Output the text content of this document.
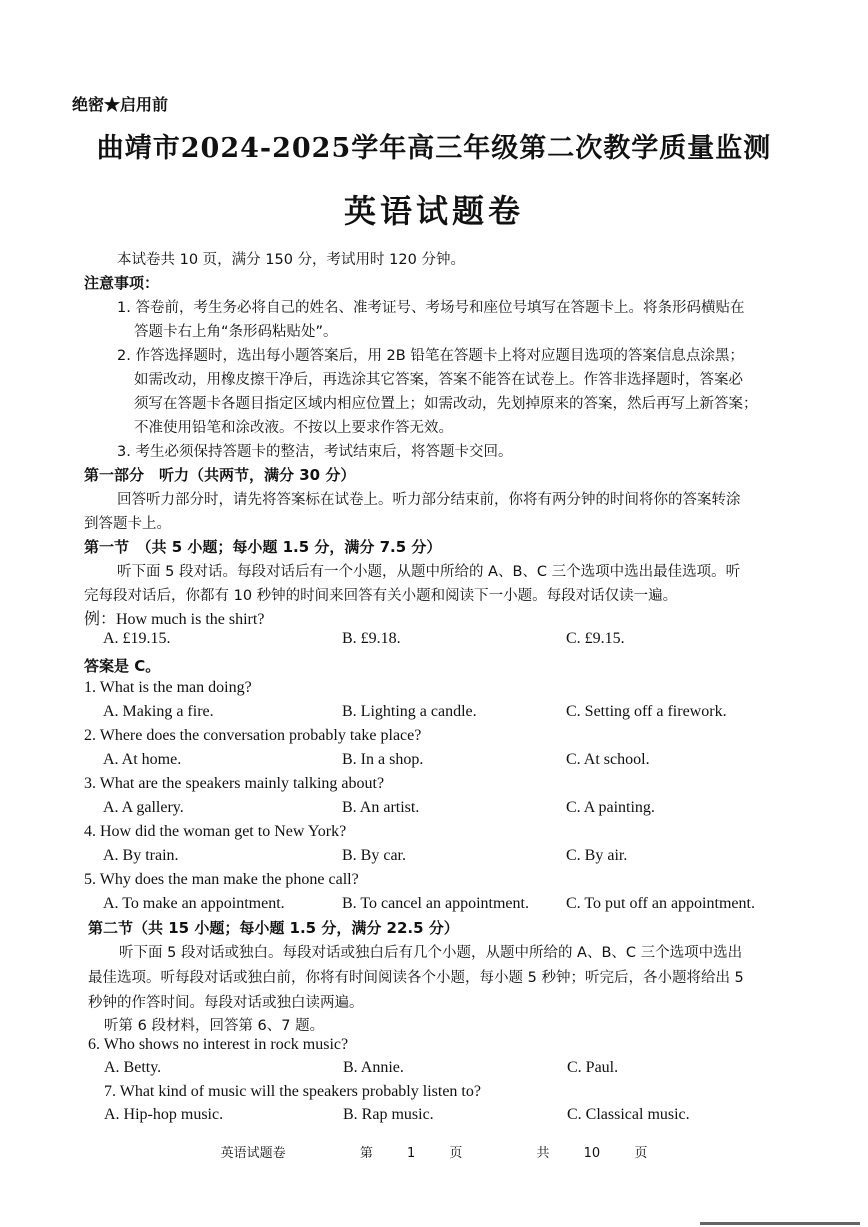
绝密★启用前
曲靖市2024-2025学年高三年级第二次教学质量监测
英语试题卷
本试卷共 10 页，满分 150 分，考试用时 120 分钟。
注意事项：
1. 答卷前，考生务必将自己的姓名、准考证号、考场号和座位号填写在答题卡上。将条形码横贴在
答题卡右上角“条形码粘贴处”。
2. 作答选择题时，选出每小题答案后，用 2B 铅笔在答题卡上将对应题目选项的答案信息点涂黑；
如需改动，用橡皮擦干净后，再选涂其它答案，答案不能答在试卷上。作答非选择题时，答案必
须写在答题卡各题目指定区域内相应位置上；如需改动，先划掉原来的答案，然后再写上新答案；
不准使用铅笔和涂改液。不按以上要求作答无效。
3. 考生必须保持答题卡的整洁，考试结束后，将答题卡交回。
第一部分　听力（共两节，满分 30 分）
回答听力部分时，请先将答案标在试卷上。听力部分结束前，你将有两分钟的时间将你的答案转涂
到答题卡上。
第一节　（共 5 小题；每小题 1.5 分，满分 7.5 分）
听下面 5 段对话。每段对话后有一个小题，从题中所给的 A、B、C 三个选项中选出最佳选项。听
完每段对话后，你都有 10 秒钟的时间来回答有关小题和阅读下一小题。每段对话仅读一遍。
例：How much is the shirt?
A. £19.15.	B. £9.18.	C. £9.15.
答案是 C。
1. What is the man doing?
A. Making a fire.	B. Lighting a candle.	C. Setting off a firework.
2. Where does the conversation probably take place?
A. At home.	B. In a shop.	C. At school.
3. What are the speakers mainly talking about?
A. A gallery.	B. An artist.	C. A painting.
4. How did the woman get to New York?
A. By train.	B. By car.	C. By air.
5. Why does the man make the phone call?
A. To make an appointment.	B. To cancel an appointment. C. To put off an appointment.
第二节（共 15 小题；每小题 1.5 分，满分 22.5 分）
听下面 5 段对话或独白。每段对话或独白后有几个小题，从题中所给的 A、B、C 三个选项中选出
最佳选项。听每段对话或独白前，你将有时间阅读各个小题，每小题 5 秒钟；听完后，各小题将给出 5
秒钟的作答时间。每段对话或独白读两遍。
听第 6 段材料，回答第 6、7 题。
6. Who shows no interest in rock music?
A. Betty.	B. Annie.	C. Paul.
7. What kind of music will the speakers probably listen to?
A. Hip-hop music.	B. Rap music.	C. Classical music.
英语试题卷	第 1 页	共 10 页
